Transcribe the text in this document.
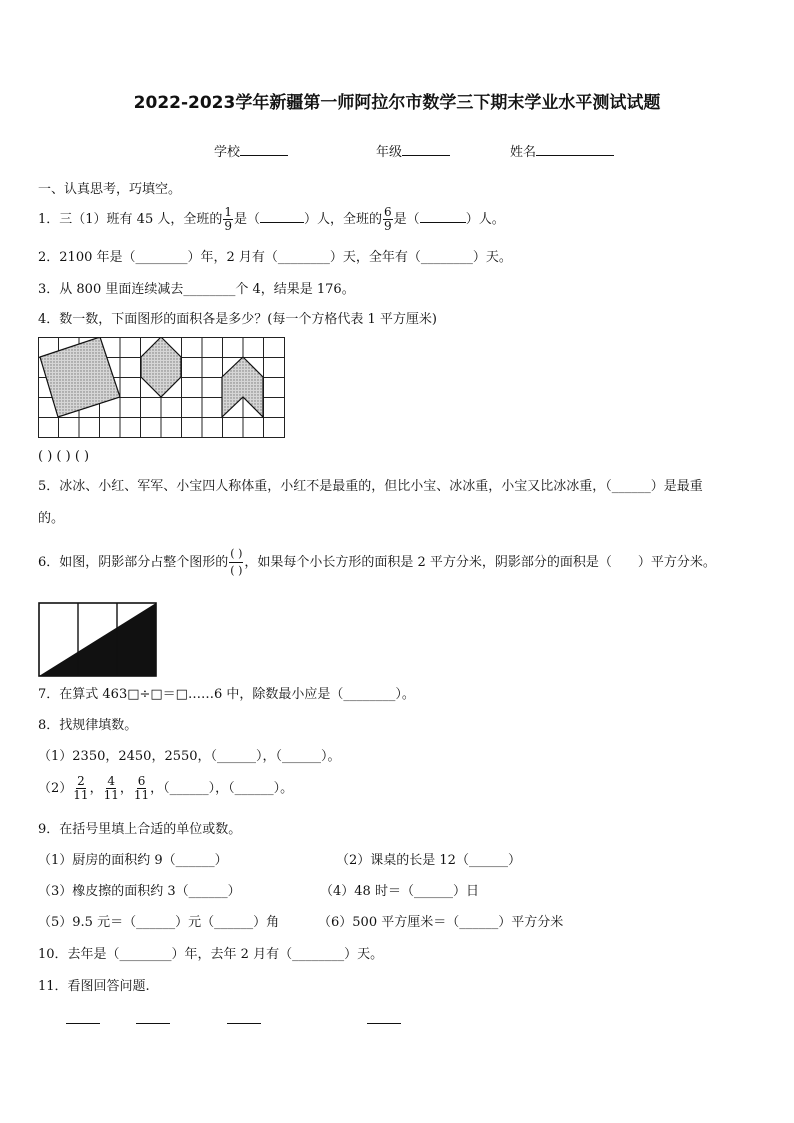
2022-2023学年新疆第一师阿拉尔市数学三下期末学业水平测试试题
学校	年级	姓名
一、认真思考，巧填空。
1．三（1）班有 45 人，全班的 $\frac{1}{9}$ 是（	）人，全班的 $\frac{6}{9}$ 是（	）人。
2．2100 年是（________）年，2 月有（________）天，全年有（________）天。
3．从 800 里面连续减去________个 4，结果是 176。
4．数一数，下面图形的面积各是多少？(每一个方格代表 1 平方厘米)
( ) ( ) ( )
5．冰冰、小红、军军、小宝四人称体重，小红不是最重的，但比小宝、冰冰重，小宝又比冰冰重，（______）是最重
的。
6．如图，阴影部分占整个图形的 $\frac{( )}{( )}$ ，如果每个小长方形的面积是 2 平方分米，阴影部分的面积是（　　）平方分米。
7．在算式 463□÷□＝□……6 中，除数最小应是（________）。
8．找规律填数。
（1）2350，2450，2550，（______），（______）。
$(2) \frac{2}{11}$ ， $\frac{4}{11}$ ， $\frac{6}{11}$ ，（______），（______）。
9．在括号里填上合适的单位或数。
（1）厨房的面积约 9（______）	（2）课桌的长是 12（______）
（3）橡皮擦的面积约 3（______）	（4）48 时＝（______）日
（5）9.5 元＝（______）元（______）角	（6）500 平方厘米＝（______）平方分米
10．去年是（________）年，去年 2 月有（________）天。
11．看图回答问题.
